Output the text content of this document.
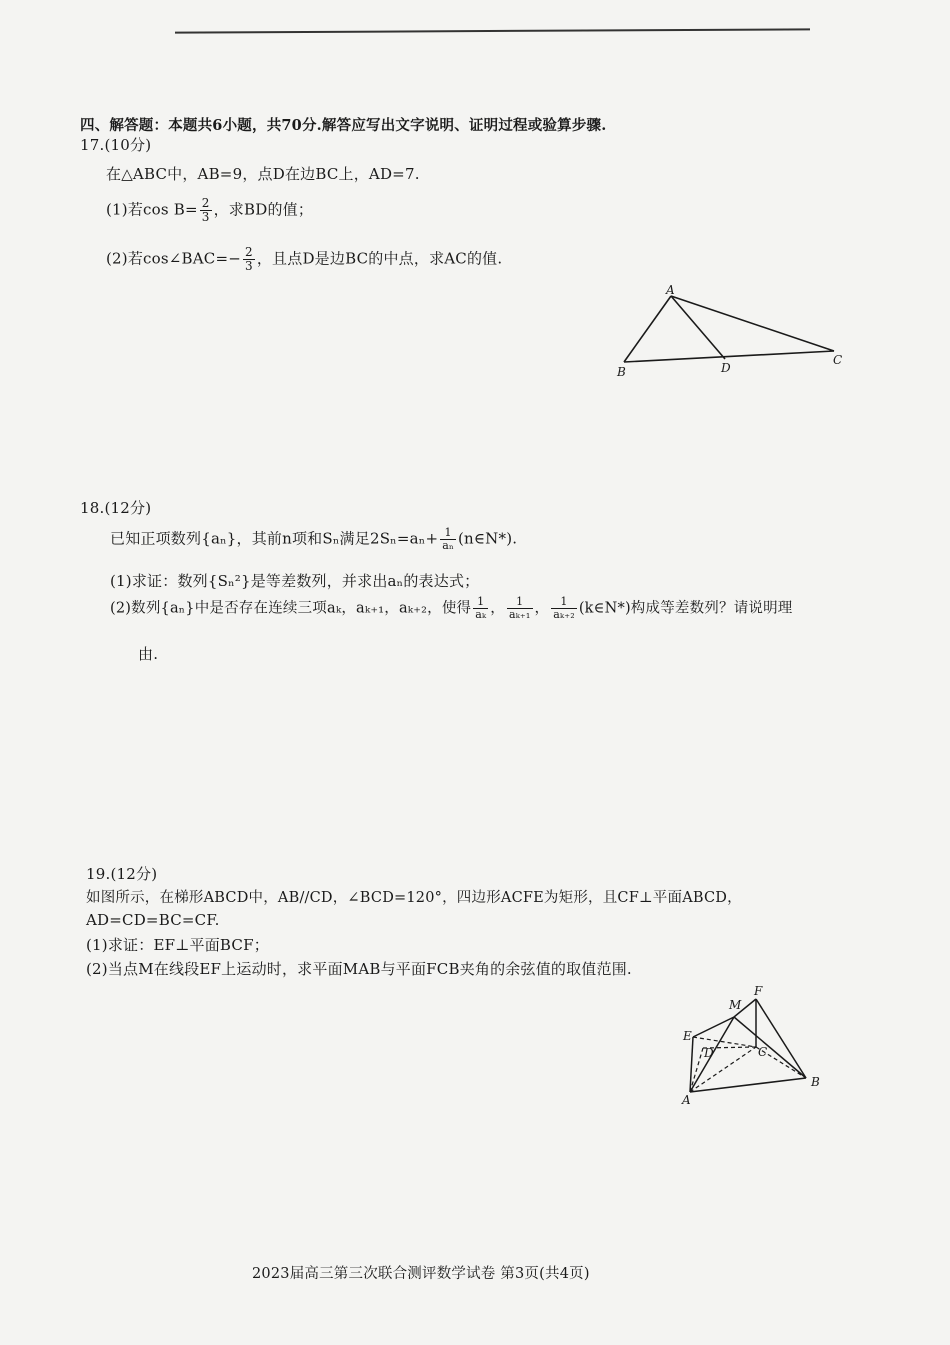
四、解答题：本题共6小题，共70分.解答应写出文字说明、证明过程或验算步骤.
17.(10分)
在△ABC中，AB=9，点D在边BC上，AD=7.
(1)若$\cos B= \frac{2}{3}$ ，求BD的值；
(2)若cos∠BAC=− $\frac{2}{3}$ ，且点D是边BC的中点，求AC的值.
A
B	D
C
18.(12分)
已知正项数列{aₙ}，其前n项和Sₙ满足$2S_n=a_n+ \frac{1}{\text{aₙ}}$ (n∈N*).
(1)求证：数列{Sₙ²}是等差数列，并求出aₙ的表达式；
(2)数列{aₙ}中是否存在连续三项aₖ，aₖ₊₁，aₖ₊₂，使得 $\frac{1}{\text{aₖ}}$ ， $\frac{1}{\text{aₖ₊₁}}$ ， $\frac{1}{\text{aₖ₊₂}}$ (k∈N*)构成等差数列？请说明理
由.
19.(12分)
如图所示，在梯形ABCD中，AB//CD，∠BCD=120°，四边形ACFE为矩形，且CF⊥平面ABCD，
AD=CD=BC=CF.
(1)求证：EF⊥平面BCF；
(2)当点M在线段EF上运动时，求平面MAB与平面FCB夹角的余弦值的取值范围.
M
F
E
D	C
A
B
2023届高三第三次联合测评数学试卷 第3页(共4页)
